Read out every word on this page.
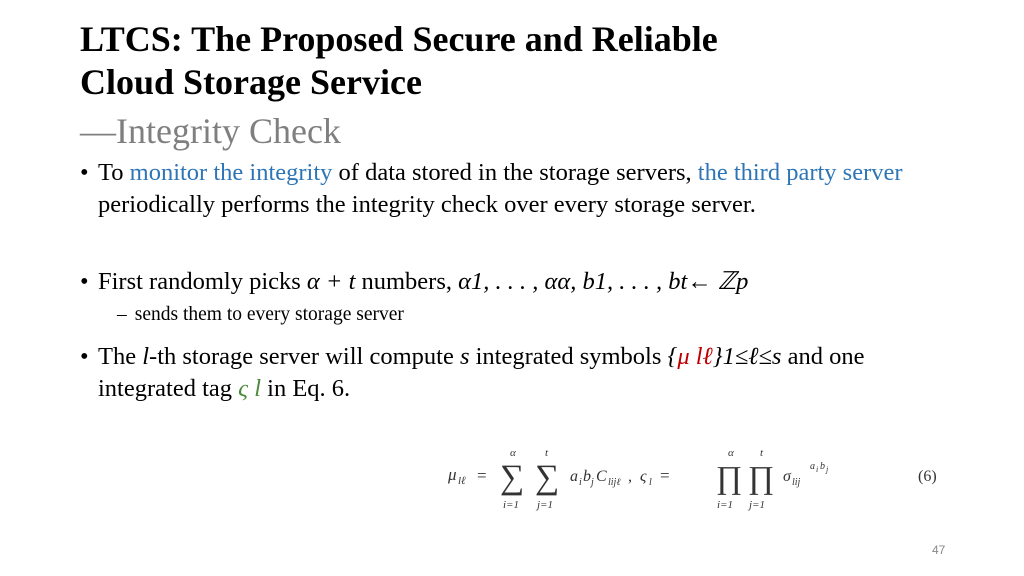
LTCS: The Proposed Secure and Reliable
Cloud Storage Service
—Integrity Check
• To monitor the integrity of data stored in the storage servers, the third party server periodically performs the integrity check over every storage server.
• First randomly picks α + t numbers, α1, . . . , αα, b1, . . . , bt← ℤp
– sends them to every storage server
• The l-th storage server will compute s integrated symbols {μ lℓ}1≤ℓ≤s and one integrated tag ς l in Eq. 6.
μ lℓ =
α
∑
i=1
t
∑
j=1
a i b j C lijℓ , ς l =
α
∏
i=1
t
∏
j=1
σ lij
a i b j	(6)
47
